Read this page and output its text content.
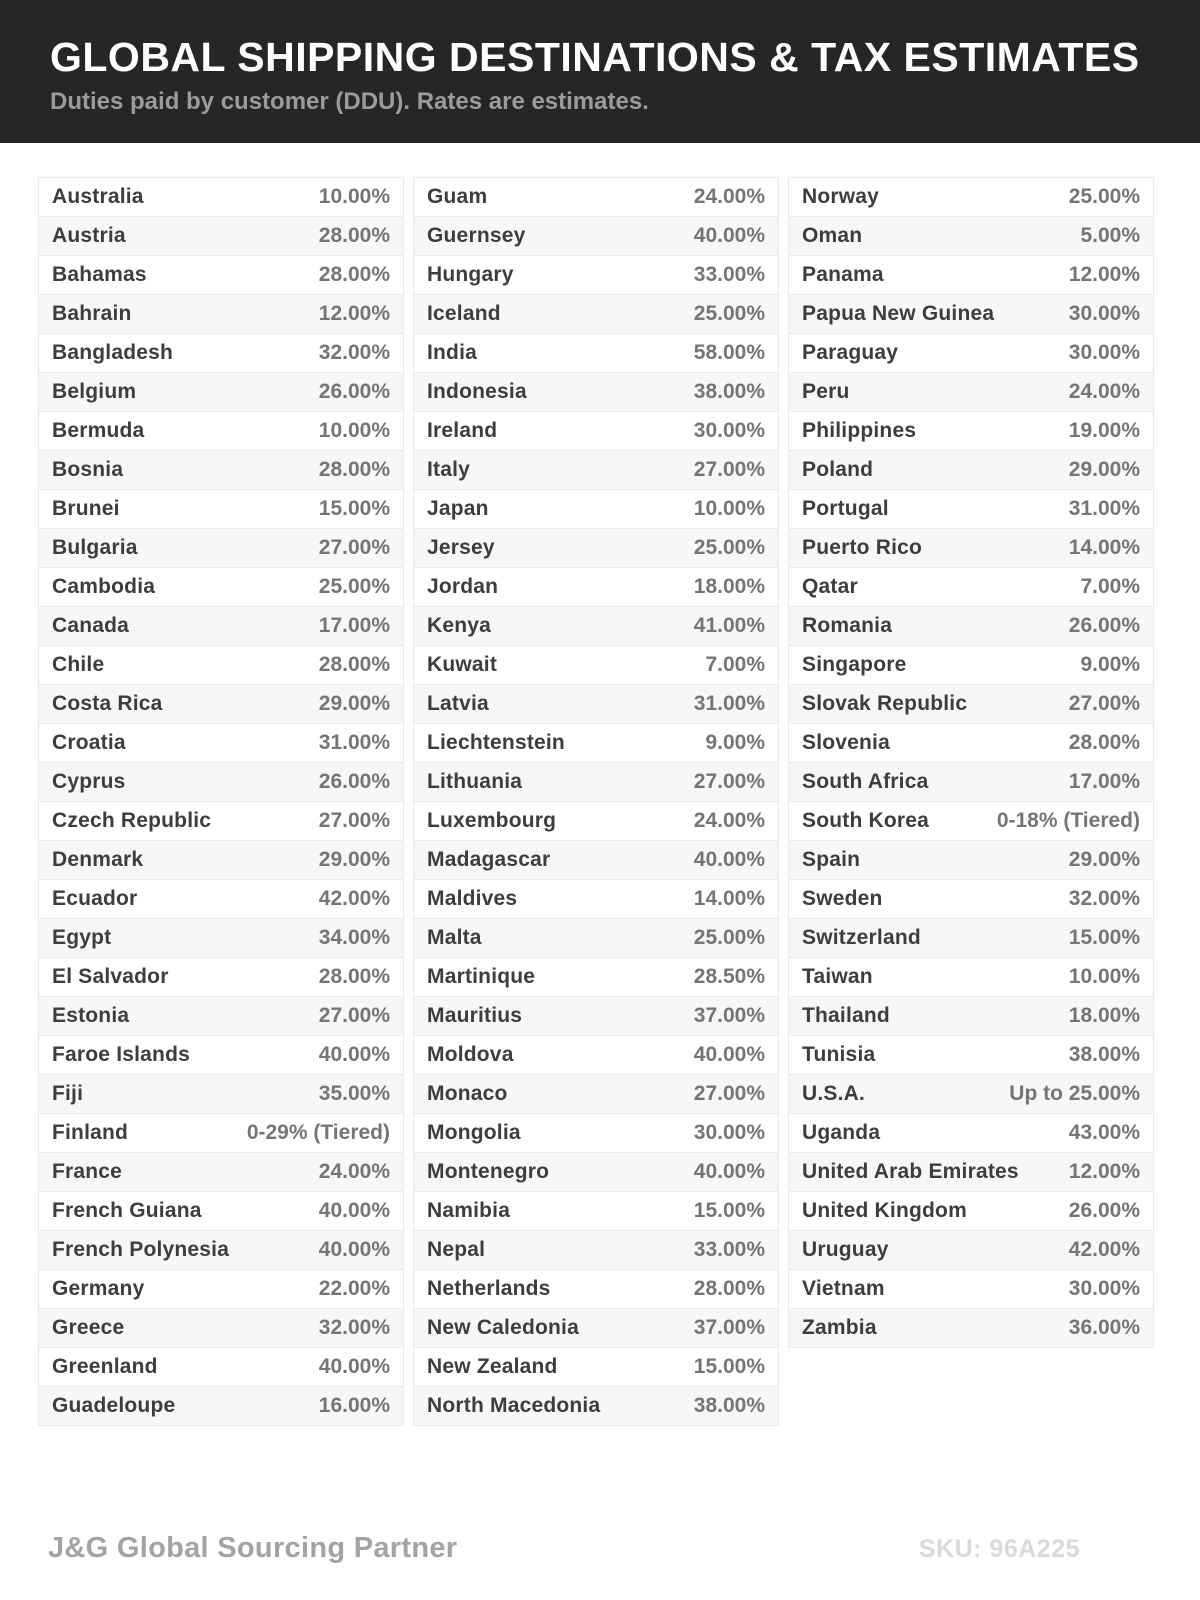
GLOBAL SHIPPING DESTINATIONS & TAX ESTIMATES
Duties paid by customer (DDU). Rates are estimates.
Australia	10.00%
Austria	28.00%
Bahamas	28.00%
Bahrain	12.00%
Bangladesh	32.00%
Belgium	26.00%
Bermuda	10.00%
Bosnia	28.00%
Brunei	15.00%
Bulgaria	27.00%
Cambodia	25.00%
Canada	17.00%
Chile	28.00%
Costa Rica	29.00%
Croatia	31.00%
Cyprus	26.00%
Czech Republic	27.00%
Denmark	29.00%
Ecuador	42.00%
Egypt	34.00%
El Salvador	28.00%
Estonia	27.00%
Faroe Islands	40.00%
Fiji	35.00%
Finland	0-29% (Tiered)
France	24.00%
French Guiana	40.00%
French Polynesia	40.00%
Germany	22.00%
Greece	32.00%
Greenland	40.00%
Guadeloupe	16.00%
Guam	24.00%
Guernsey	40.00%
Hungary	33.00%
Iceland	25.00%
India	58.00%
Indonesia	38.00%
Ireland	30.00%
Italy	27.00%
Japan	10.00%
Jersey	25.00%
Jordan	18.00%
Kenya	41.00%
Kuwait	7.00%
Latvia	31.00%
Liechtenstein	9.00%
Lithuania	27.00%
Luxembourg	24.00%
Madagascar	40.00%
Maldives	14.00%
Malta	25.00%
Martinique	28.50%
Mauritius	37.00%
Moldova	40.00%
Monaco	27.00%
Mongolia	30.00%
Montenegro	40.00%
Namibia	15.00%
Nepal	33.00%
Netherlands	28.00%
New Caledonia	37.00%
New Zealand	15.00%
North Macedonia	38.00%
Norway	25.00%
Oman	5.00%
Panama	12.00%
Papua New Guinea	30.00%
Paraguay	30.00%
Peru	24.00%
Philippines	19.00%
Poland	29.00%
Portugal	31.00%
Puerto Rico	14.00%
Qatar	7.00%
Romania	26.00%
Singapore	9.00%
Slovak Republic	27.00%
Slovenia	28.00%
South Africa	17.00%
South Korea	0-18% (Tiered)
Spain	29.00%
Sweden	32.00%
Switzerland	15.00%
Taiwan	10.00%
Thailand	18.00%
Tunisia	38.00%
U.S.A.	Up to 25.00%
Uganda	43.00%
United Arab Emirates 12.00%
United Kingdom	26.00%
Uruguay	42.00%
Vietnam	30.00%
Zambia	36.00%
J&G Global Sourcing Partner	SKU: 96A225
